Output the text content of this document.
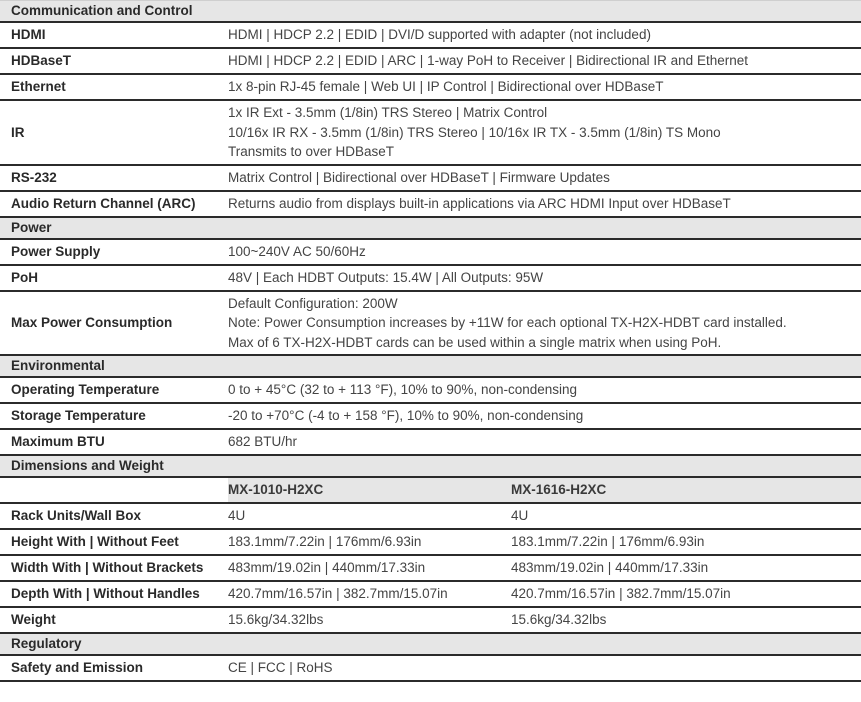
Communication and Control		
HDMI	HDMI | HDCP 2.2 | EDID | DVI/D supported with adapter (not included)	
HDBaseT	HDMI | HDCP 2.2 | EDID | ARC | 1-way PoH to Receiver | Bidirectional IR and Ethernet	
Ethernet	1x 8-pin RJ-45 female | Web UI | IP Control | Bidirectional over HDBaseT	
IR	1x IR Ext - 3.5mm (1/8in) TRS Stereo | Matrix Control
10/16x IR RX - 3.5mm (1/8in) TRS Stereo | 10/16x IR TX - 3.5mm (1/8in) TS Mono
Transmits to over HDBaseT	

RS-232	Matrix Control | Bidirectional over HDBaseT | Firmware Updates	
Audio Return Channel (ARC)	Returns audio from displays built-in applications via ARC HDMI Input over HDBaseT	
Power		
Power Supply	100~240V AC 50/60Hz	
PoH	48V | Each HDBT Outputs: 15.4W | All Outputs: 95W	
Max Power Consumption	Default Configuration: 200W
Note: Power Consumption increases by +11W for each optional TX-H2X-HDBT card installed.
Max of 6 TX-H2X-HDBT cards can be used within a single matrix when using PoH.	

Environmental		
Operating Temperature	0 to + 45°C (32 to + 113 °F), 10% to 90%, non-condensing	
Storage Temperature	-20 to +70°C (-4 to + 158 °F), 10% to 90%, non-condensing	
Maximum BTU	682 BTU/hr	
Dimensions and Weight		
	MX-1010-H2XC	MX-1616-H2XC
Rack Units/Wall Box	4U	4U
Height With | Without Feet	183.1mm/7.22in | 176mm/6.93in	183.1mm/7.22in | 176mm/6.93in
Width With | Without Brackets	483mm/19.02in | 440mm/17.33in	483mm/19.02in | 440mm/17.33in
Depth With | Without Handles	420.7mm/16.57in | 382.7mm/15.07in	420.7mm/16.57in | 382.7mm/15.07in
Weight	15.6kg/34.32lbs	15.6kg/34.32lbs
Regulatory		
Safety and Emission	CE | FCC | RoHS	
